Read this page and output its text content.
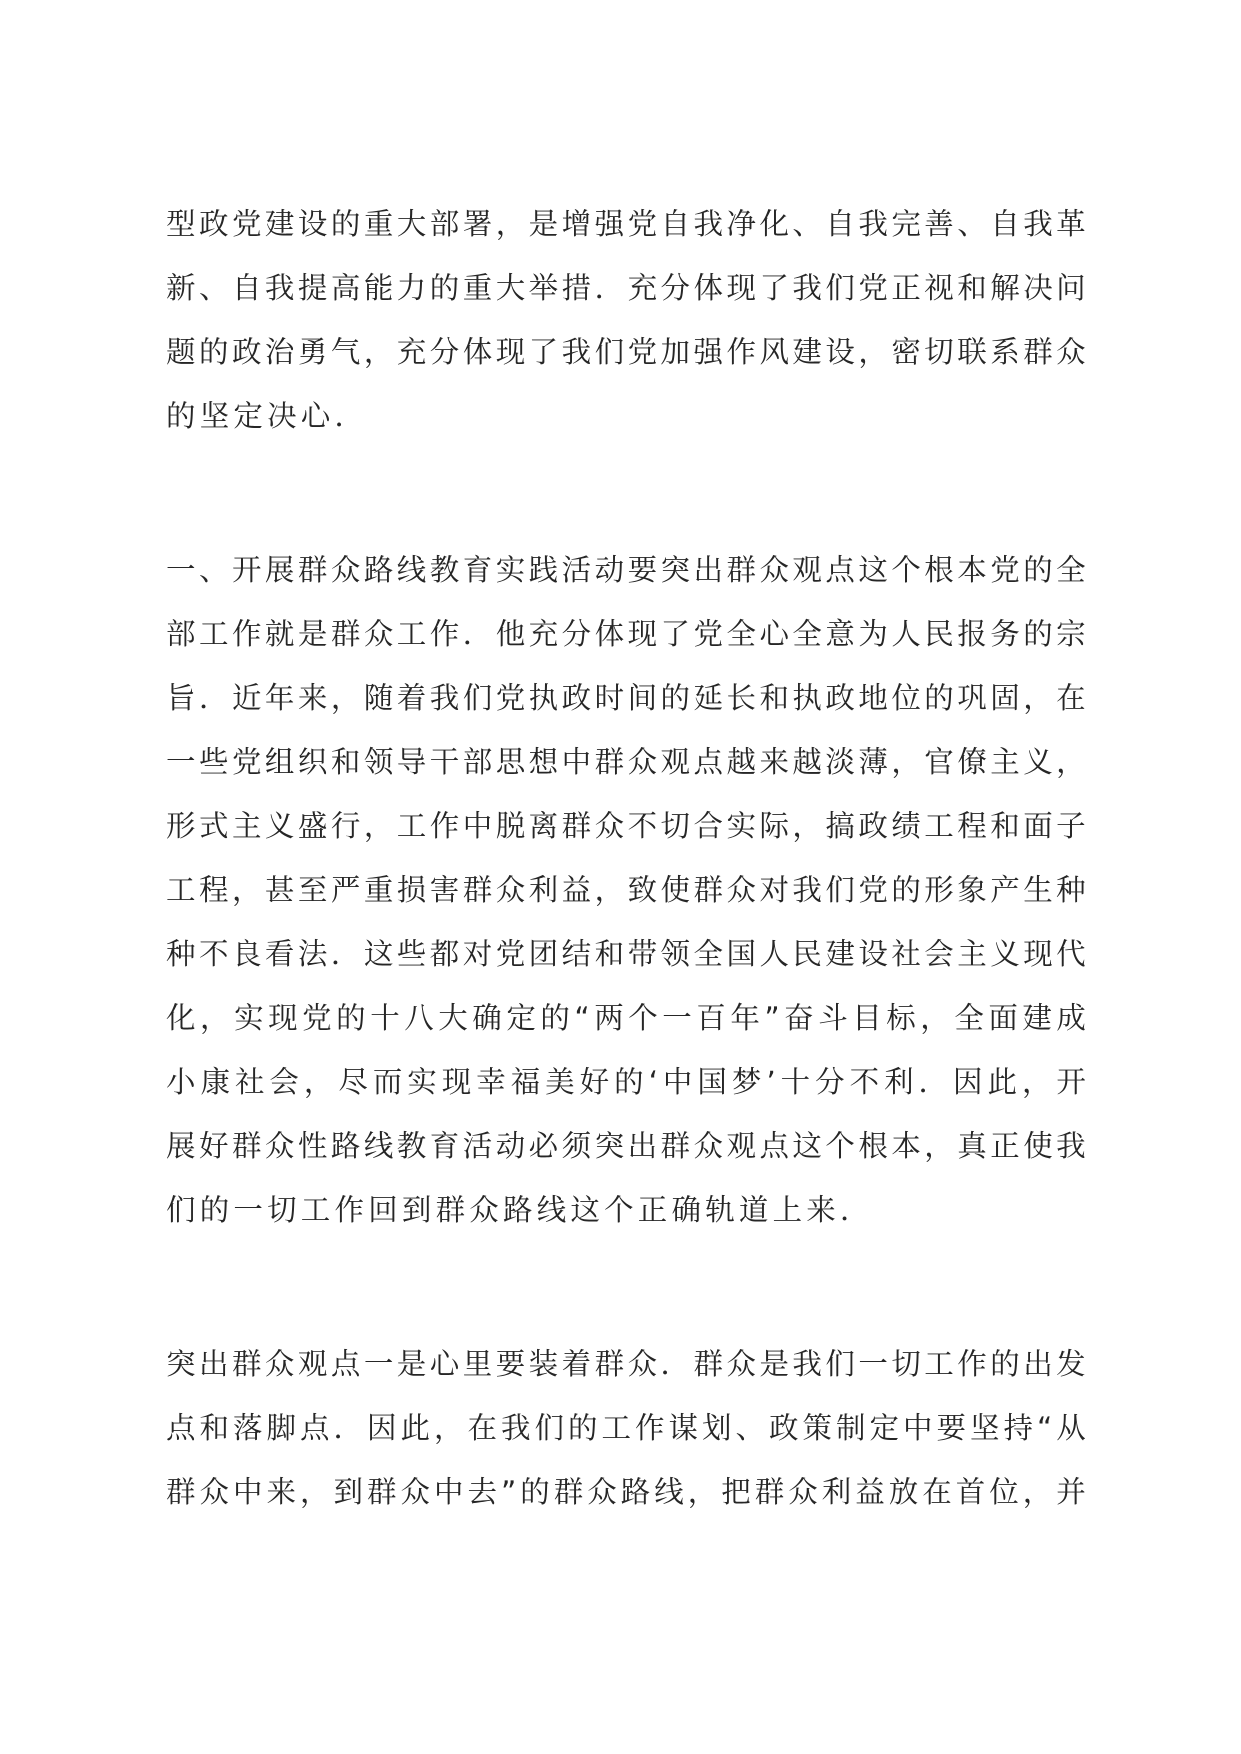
型 政 党 建 设 的 重 大 部 署 ， 是 增 强 党 自 我 净 化 、 自 我 完 善 、 自 我 革
新 、 自 我 提 高 能 力 的 重 大 举 措 ． 充 分 体 现 了 我 们 党 正 视 和 解 决 问
题 的 政 治 勇 气 ， 充 分 体 现 了 我 们 党 加 强 作 风 建 设 ， 密 切 联 系 群 众
的坚定决心．
一 、 开 展 群 众 路 线 教 育 实 践 活 动 要 突 出 群 众 观 点 这 个 根 本 党 的 全
部 工 作 就 是 群 众 工 作 ． 他 充 分 体 现 了 党 全 心 全 意 为 人 民 报 务 的 宗
旨 ． 近 年 来 ， 随 着 我 们 党 执 政 时 间 的 延 长 和 执 政 地 位 的 巩 固 ， 在
一 些 党 组 织 和 领 导 干 部 思 想 中 群 众 观 点 越 来 越 淡 薄 ， 官 僚 主 义 ，
形 式 主 义 盛 行 ， 工 作 中 脱 离 群 众 不 切 合 实 际 ， 搞 政 绩 工 程 和 面 子
工 程 ， 甚 至 严 重 损 害 群 众 利 益 ， 致 使 群 众 对 我 们 党 的 形 象 产 生 种
种 不 良 看 法 ． 这 些 都 对 党 团 结 和 带 领 全 国 人 民 建 设 社 会 主 义 现 代
化 ， 实 现 党 的 十 八 大 确 定 的 “ 两 个 一 百 年 ” 奋 斗 目 标 ， 全 面 建 成
小 康 社 会 ， 尽 而 实 现 幸 福 美 好 的 ‘ 中 国 梦 ’ 十 分 不 利 ． 因 此 ， 开
展 好 群 众 性 路 线 教 育 活 动 必 须 突 出 群 众 观 点 这 个 根 本 ， 真 正 使 我
们的一切工作回到群众路线这个正确轨道上来．
突 出 群 众 观 点 一 是 心 里 要 装 着 群 众 ． 群 众 是 我 们 一 切 工 作 的 出 发
点 和 落 脚 点 ． 因 此 ， 在 我 们 的 工 作 谋 划 、 政 策 制 定 中 要 坚 持 “ 从
群 众 中 来 ， 到 群 众 中 去 ” 的 群 众 路 线 ， 把 群 众 利 益 放 在 首 位 ， 并
